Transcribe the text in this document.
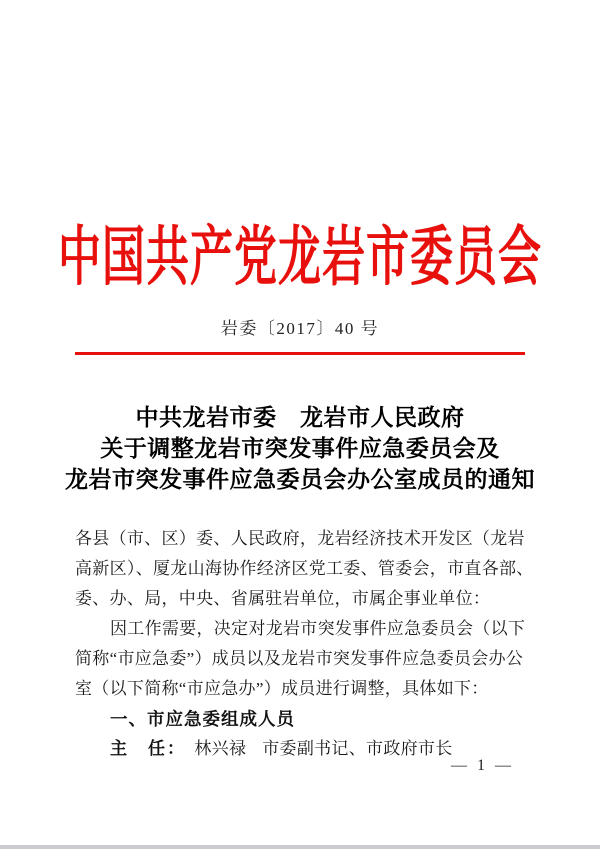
中国共产党龙岩市委员会
岩委〔2017〕40 号
中共龙岩市委　龙岩市人民政府
关于调整龙岩市突发事件应急委员会及
龙岩市突发事件应急委员会办公室成员的通知
各县（市、区）委、人民政府，龙岩经济技术开发区（龙岩
高新区）、厦龙山海协作经济区党工委、管委会，市直各部、
委、办、局，中央、省属驻岩单位，市属企事业单位：
因工作需要，决定对龙岩市突发事件应急委员会（以下
简称“市应急委”）成员以及龙岩市突发事件应急委员会办公
室（以下简称“市应急办”）成员进行调整，具体如下：
一、市应急委组成人员
主　任： 林兴禄 市委副书记、市政府市长
— 1 —
